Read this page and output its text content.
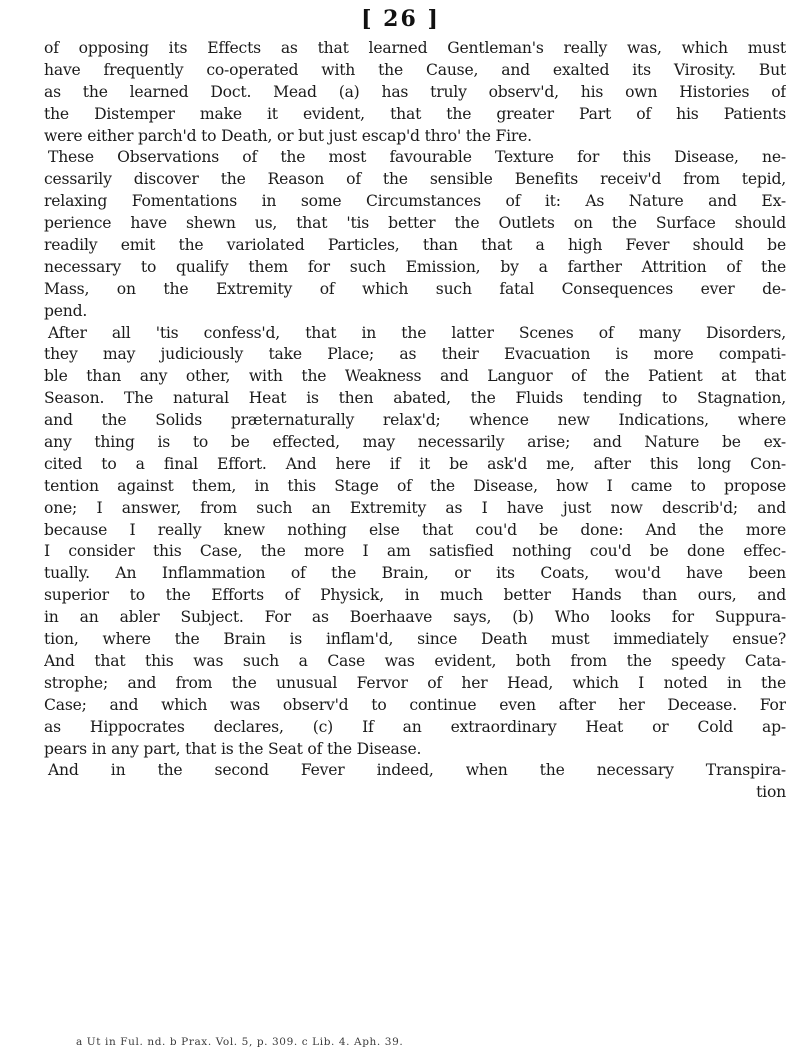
[ 26 ]
of opposing its Effects as that learned Gentleman's really was, which must
have frequently co-operated with the Cause, and exalted its Virosity. But
as the learned Doct. Mead (a) has truly observ'd, his own Histories of
the Distemper make it evident, that the greater Part of his Patients
were either parch'd to Death, or but just escap'd thro' the Fire.
These Observations of the most favourable Texture for this Disease, ne-
cessarily discover the Reason of the sensible Benefits receiv'd from tepid,
relaxing Fomentations in some Circumstances of it: As Nature and Ex-
perience have shewn us, that 'tis better the Outlets on the Surface should
readily emit the variolated Particles, than that a high Fever should be
necessary to qualify them for such Emission, by a farther Attrition of the
Mass, on the Extremity of which such fatal Consequences ever de-
pend.
After all 'tis confess'd, that in the latter Scenes of many Disorders,
they may judiciously take Place; as their Evacuation is more compati-
ble than any other, with the Weakness and Languor of the Patient at that
Season. The natural Heat is then abated, the Fluids tending to Stagnation,
and the Solids præternaturally relax'd; whence new Indications, where
any thing is to be effected, may necessarily arise; and Nature be ex-
cited to a final Effort. And here if it be ask'd me, after this long Con-
tention against them, in this Stage of the Disease, how I came to propose
one; I answer, from such an Extremity as I have just now describ'd; and
because I really knew nothing else that cou'd be done: And the more
I consider this Case, the more I am satisfied nothing cou'd be done effec-
tually. An Inflammation of the Brain, or its Coats, wou'd have been
superior to the Efforts of Physick, in much better Hands than ours, and
in an abler Subject. For as Boerhaave says, (b) Who looks for Suppura-
tion, where the Brain is inflam'd, since Death must immediately ensue?
And that this was such a Case was evident, both from the speedy Cata-
strophe; and from the unusual Fervor of her Head, which I noted in the
Case; and which was observ'd to continue even after her Decease. For
as Hippocrates declares, (c) If an extraordinary Heat or Cold ap-
pears in any part, that is the Seat of the Disease.
And in the second Fever indeed, when the necessary Transpira-
tion
a Ut in Ful. nd. b Prax. Vol. 5, p. 309. c Lib. 4. Aph. 39.
